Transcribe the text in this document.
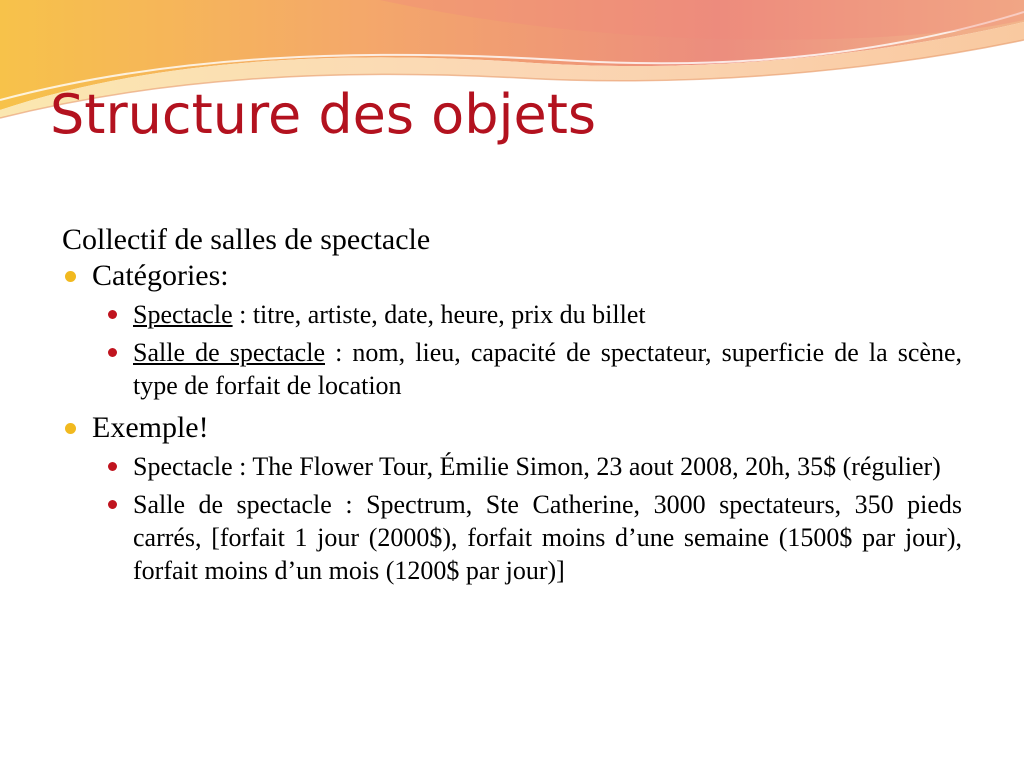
Structure des objets

Collectif de salles de spectacle

Catégories:
Spectacle : titre, artiste, date, heure, prix du billet
Salle de spectacle : nom, lieu, capacité de spectateur, superficie de la scène, type de forfait de location
Exemple!
Spectacle : The Flower Tour, Émilie Simon, 23 aout 2008, 20h, 35$ (régulier)
Salle de spectacle : Spectrum, Ste Catherine, 3000 spectateurs, 350 pieds carrés, [forfait 1 jour (2000$), forfait moins d’une semaine (1500$ par jour), forfait moins d’un mois (1200$ par jour)]
